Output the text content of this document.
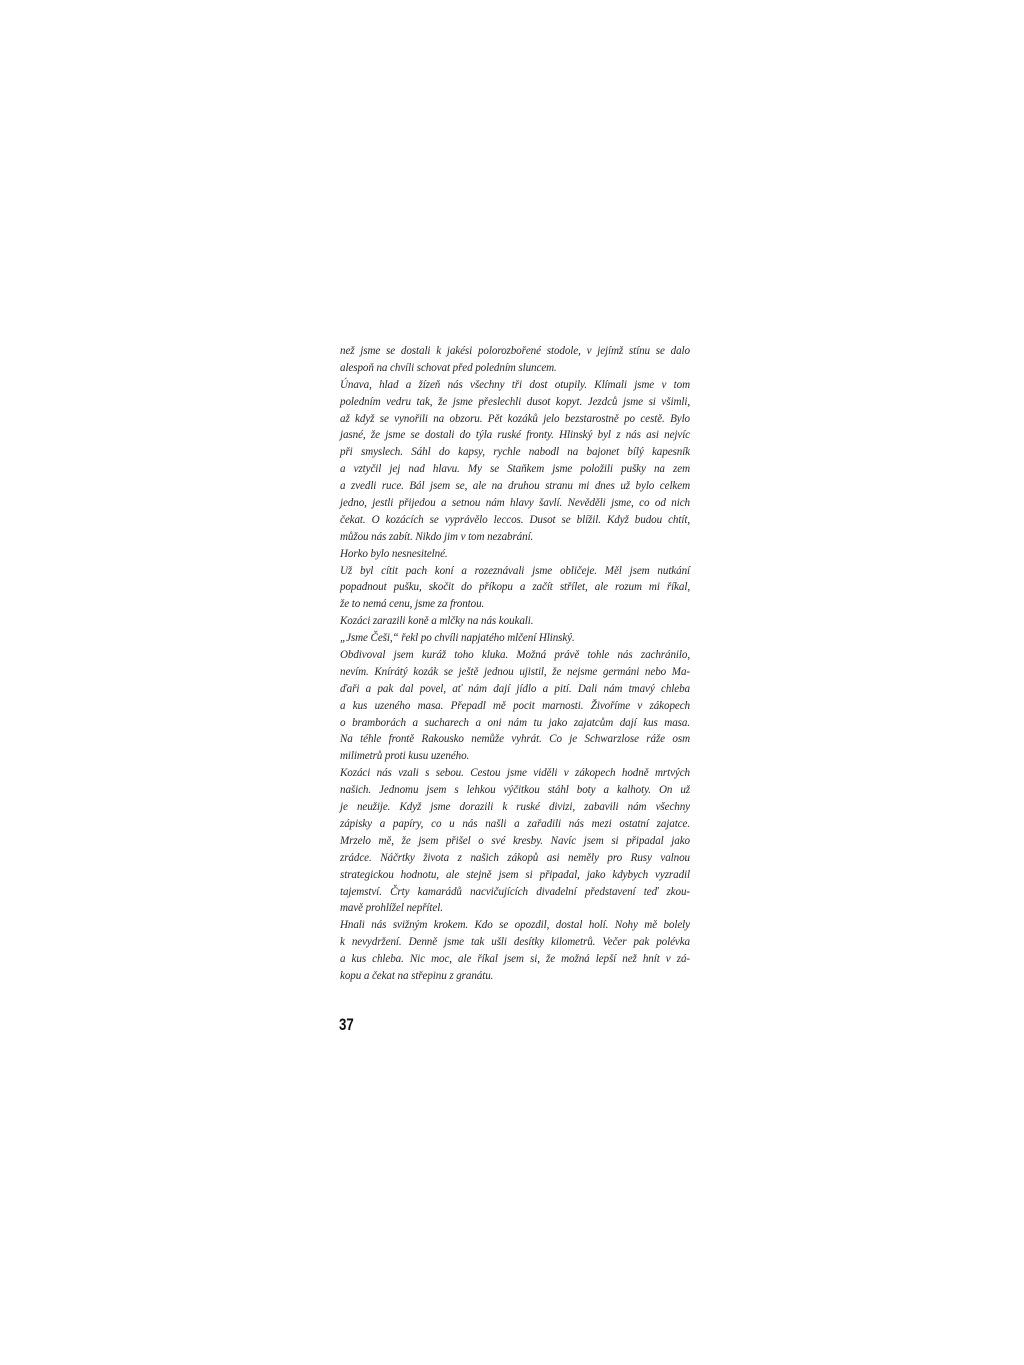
než jsme se dostali k jakési polorozbořené stodole, v jejímž stínu se dalo
alespoň na chvíli schovat před poledním sluncem.
Únava, hlad a žízeň nás všechny tři dost otupily. Klímali jsme v tom
poledním vedru tak, že jsme přeslechli dusot kopyt. Jezdců jsme si všimli,
až když se vynořili na obzoru. Pět kozáků jelo bezstarostně po cestě. Bylo
jasné, že jsme se dostali do týla ruské fronty. Hlinský byl z nás asi nejvíc
při smyslech. Sáhl do kapsy, rychle nabodl na bajonet bílý kapesník
a vztyčil jej nad hlavu. My se Staňkem jsme položili pušky na zem
a zvedli ruce. Bál jsem se, ale na druhou stranu mi dnes už bylo celkem
jedno, jestli přijedou a setnou nám hlavy šavlí. Nevěděli jsme, co od nich
čekat. O kozácích se vyprávělo leccos. Dusot se blížil. Když budou chtít,
můžou nás zabít. Nikdo jim v tom nezabrání.
Horko bylo nesnesitelné.
Už byl cítit pach koní a rozeznávali jsme obličeje. Měl jsem nutkání
popadnout pušku, skočit do příkopu a začít střílet, ale rozum mi říkal,
že to nemá cenu, jsme za frontou.
Kozáci zarazili koně a mlčky na nás koukali.
„Jsme Češi,“ řekl po chvíli napjatého mlčení Hlinský.
Obdivoval jsem kuráž toho kluka. Možná právě tohle nás zachránilo,
nevím. Knírátý kozák se ještě jednou ujistil, že nejsme germáni nebo Ma-
ďaři a pak dal povel, ať nám dají jídlo a pití. Dali nám tmavý chleba
a kus uzeného masa. Přepadl mě pocit marnosti. Živoříme v zákopech
o bramborách a sucharech a oni nám tu jako zajatcům dají kus masa.
Na téhle frontě Rakousko nemůže vyhrát. Co je Schwarzlose ráže osm
milimetrů proti kusu uzeného.
Kozáci nás vzali s sebou. Cestou jsme viděli v zákopech hodně mrtvých
našich. Jednomu jsem s lehkou výčitkou stáhl boty a kalhoty. On už
je neužije. Když jsme dorazili k ruské divizi, zabavili nám všechny
zápisky a papíry, co u nás našli a zařadili nás mezi ostatní zajatce.
Mrzelo mě, že jsem přišel o své kresby. Navíc jsem si připadal jako
zrádce. Náčrtky života z našich zákopů asi neměly pro Rusy valnou
strategickou hodnotu, ale stejně jsem si připadal, jako kdybych vyzradil
tajemství. Črty kamarádů nacvičujících divadelní představení teď zkou-
mavě prohlížel nepřítel.
Hnali nás svižným krokem. Kdo se opozdil, dostal holí. Nohy mě bolely
k nevydržení. Denně jsme tak ušli desítky kilometrů. Večer pak polévka
a kus chleba. Nic moc, ale říkal jsem si, že možná lepší než hnít v zá-
kopu a čekat na střepinu z granátu.
37
